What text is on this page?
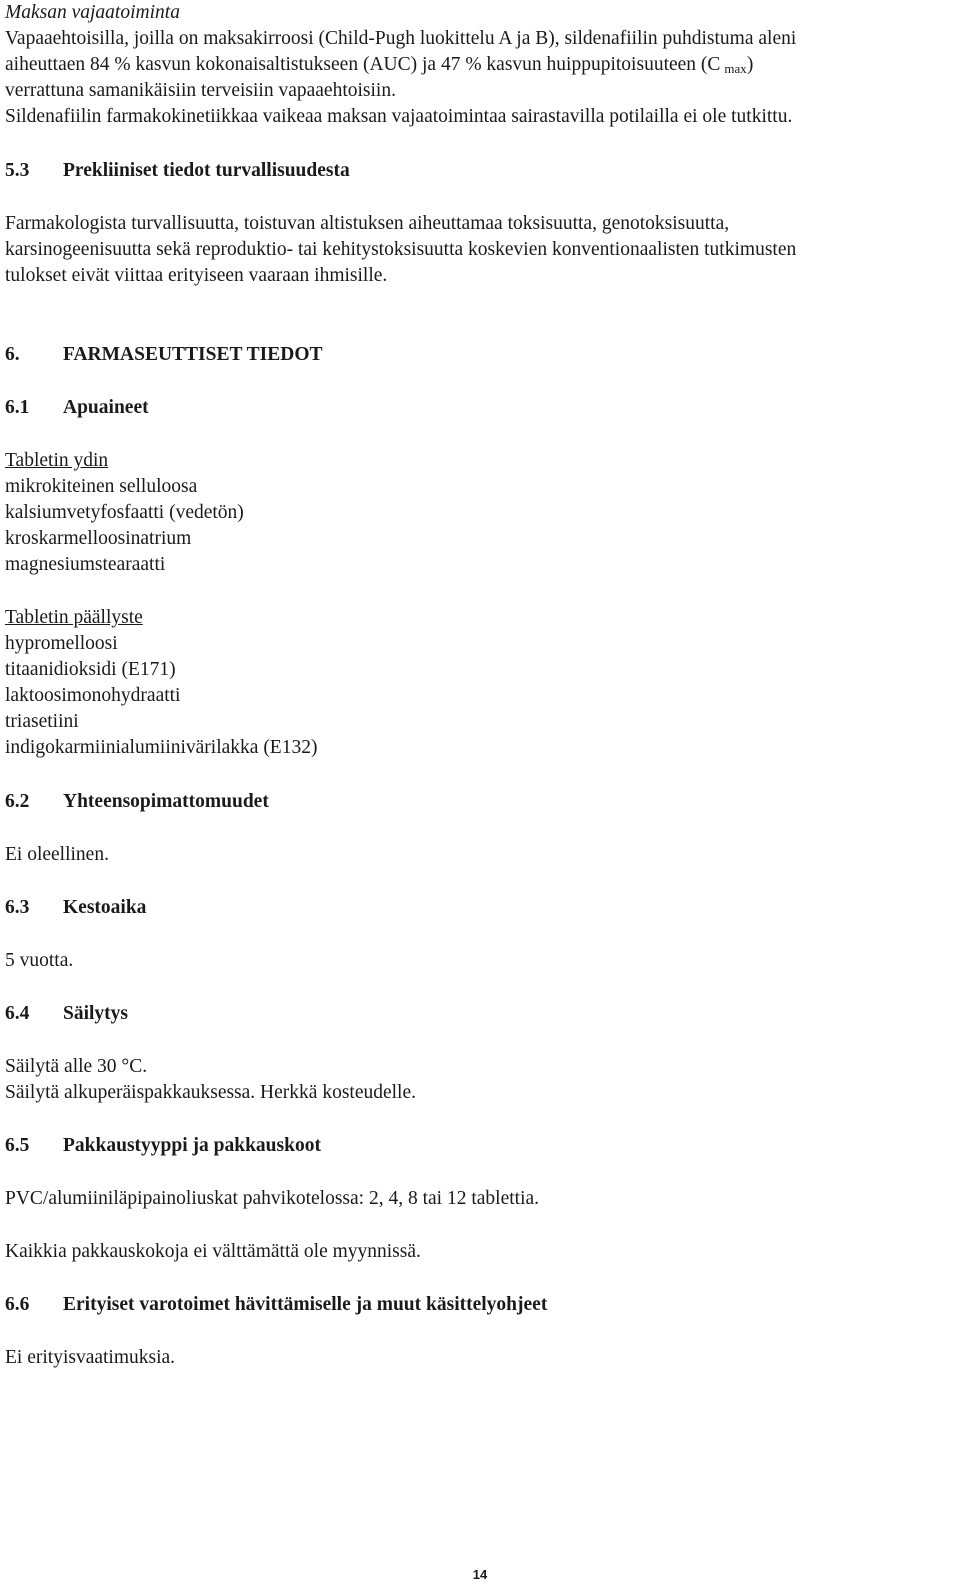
Maksan vajaatoiminta

Vapaaehtoisilla, joilla on maksakirroosi (Child-Pugh luokittelu A ja B), sildenafiilin puhdistuma aleni

aiheuttaen 84 % kasvun kokonaisaltistukseen (AUC) ja 47 % kasvun huippupitoisuuteen (C $_{max}$)

verrattuna samanikäisiin terveisiin vapaaehtoisiin.

Sildenafiilin farmakokinetiikkaa vaikeaa maksan vajaatoimintaa sairastavilla potilailla ei ole tutkittu.

5.3	Prekliiniset tiedot turvallisuudesta

Farmakologista turvallisuutta, toistuvan altistuksen aiheuttamaa toksisuutta, genotoksisuutta,

karsinogeenisuutta sekä reproduktio- tai kehitystoksisuutta koskevien konventionaalisten tutkimusten

tulokset eivät viittaa erityiseen vaaraan ihmisille.

6.	FARMASEUTTISET TIEDOT

6.1	Apuaineet

Tabletin ydin

mikrokiteinen selluloosa

kalsiumvetyfosfaatti (vedetön)

kroskarmelloosinatrium

magnesiumstearaatti

Tabletin päällyste

hypromelloosi

titaanidioksidi (E171)

laktoosimonohydraatti

triasetiini

indigokarmiinialumiinivärilakka (E132)

6.2	Yhteensopimattomuudet

Ei oleellinen.

6.3	Kestoaika

5 vuotta.

6.4	Säilytys

Säilytä alle 30 °C.

Säilytä alkuperäispakkauksessa. Herkkä kosteudelle.

6.5	Pakkaustyyppi ja pakkauskoot

PVC/alumiiniläpipainoliuskat pahvikotelossa: 2, 4, 8 tai 12 tablettia.

Kaikkia pakkauskokoja ei välttämättä ole myynnissä.

6.6	Erityiset varotoimet hävittämiselle ja muut käsittelyohjeet

Ei erityisvaatimuksia.

14
